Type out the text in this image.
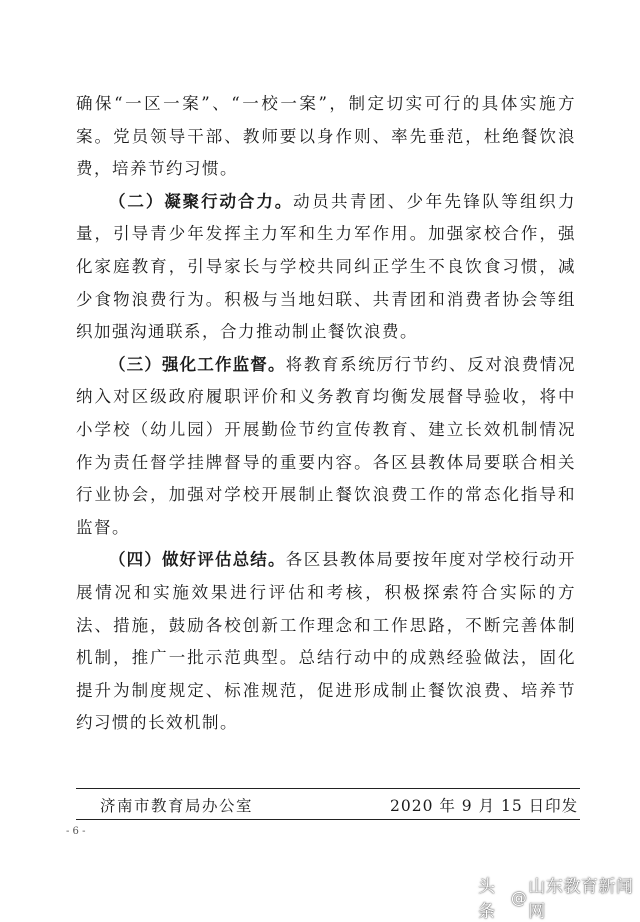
确保“一区一案”、“一校一案”，制定切实可行的具体实施方案。党员领导干部、教师要以身作则、率先垂范，杜绝餐饮浪费，培养节约习惯。

（二）凝聚行动合力。动员共青团、少年先锋队等组织力量，引导青少年发挥主力军和生力军作用。加强家校合作，强化家庭教育，引导家长与学校共同纠正学生不良饮食习惯，减少食物浪费行为。积极与当地妇联、共青团和消费者协会等组织加强沟通联系，合力推动制止餐饮浪费。

（三）强化工作监督。将教育系统厉行节约、反对浪费情况纳入对区级政府履职评价和义务教育均衡发展督导验收，将中小学校（幼儿园）开展勤俭节约宣传教育、建立长效机制情况作为责任督学挂牌督导的重要内容。各区县教体局要联合相关行业协会，加强对学校开展制止餐饮浪费工作的常态化指导和监督。

（四）做好评估总结。各区县教体局要按年度对学校行动开展情况和实施效果进行评估和考核，积极探索符合实际的方法、措施，鼓励各校创新工作理念和工作思路，不断完善体制机制，推广一批示范典型。总结行动中的成熟经验做法，固化提升为制度规定、标准规范，促进形成制止餐饮浪费、培养节约习惯的长效机制。

济南市教育局办公室	2020 年 9 月 15 日印发
- 6 -
头条
@ 山东教育新闻网
